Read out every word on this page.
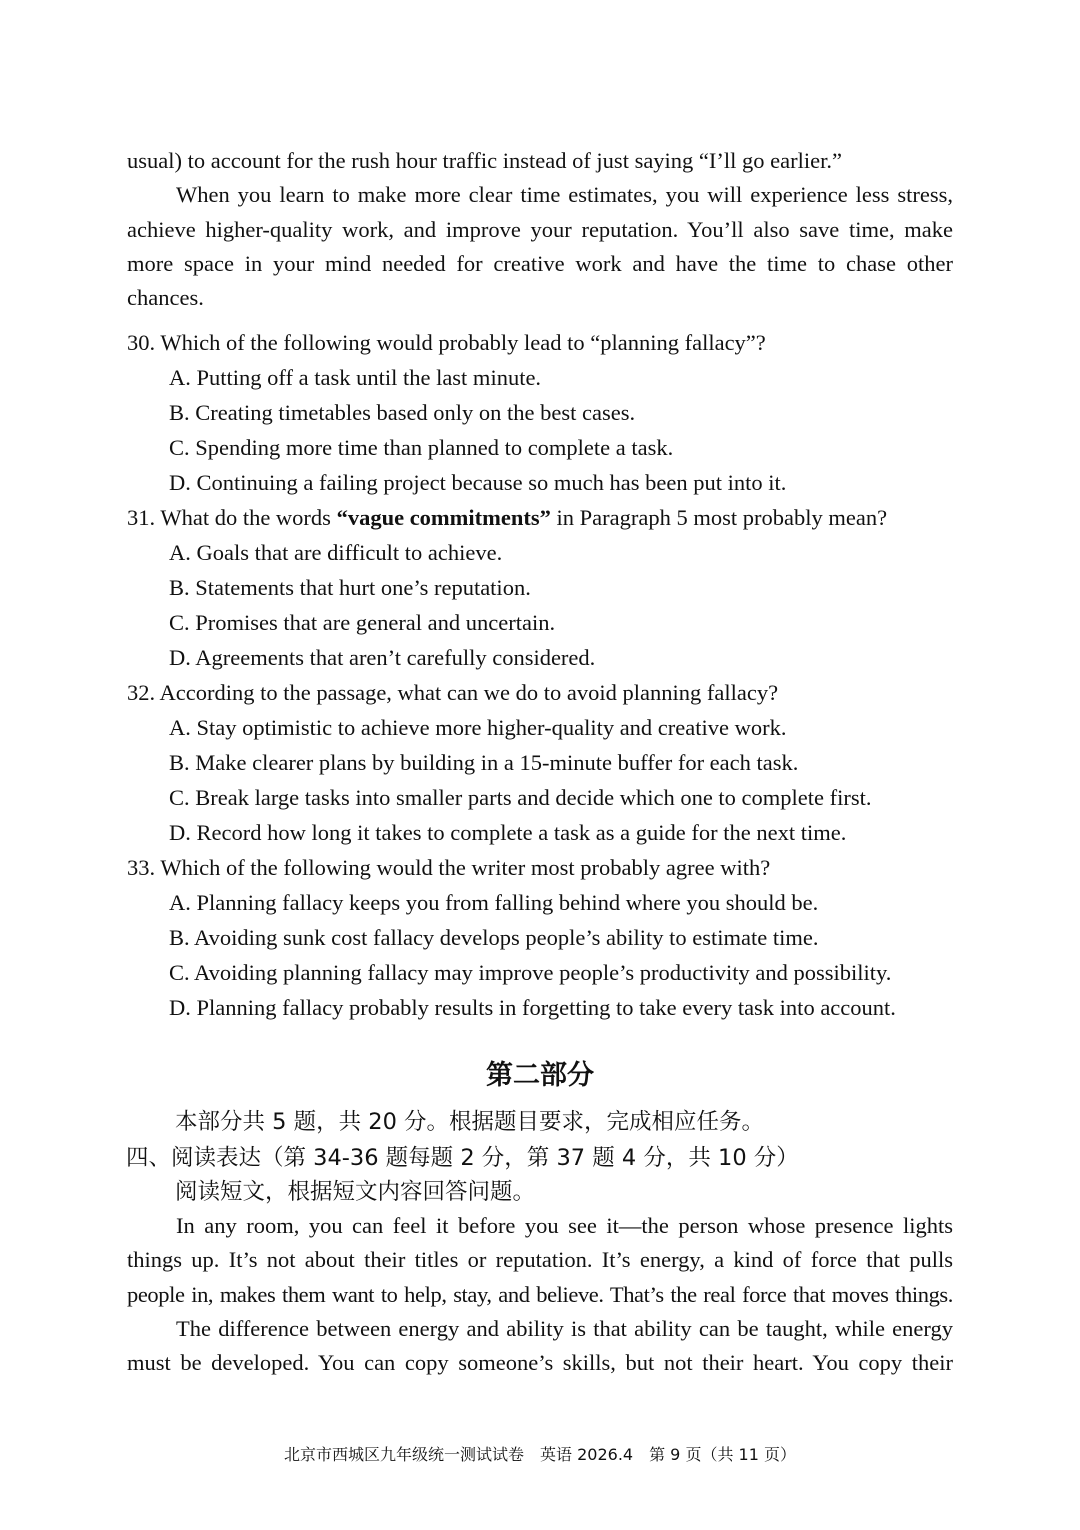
usual) to account for the rush hour traffic instead of just saying “I’ll go earlier.”
When you learn to make more clear time estimates, you will experience less stress,
achieve higher-quality work, and improve your reputation. You’ll also save time, make
more space in your mind needed for creative work and have the time to chase other
chances.
30. Which of the following would probably lead to “planning fallacy”?
A. Putting off a task until the last minute.
B. Creating timetables based only on the best cases.
C. Spending more time than planned to complete a task.
D. Continuing a failing project because so much has been put into it.
31. What do the words “vague commitments” in Paragraph 5 most probably mean?
A. Goals that are difficult to achieve.
B. Statements that hurt one’s reputation.
C. Promises that are general and uncertain.
D. Agreements that aren’t carefully considered.
32. According to the passage, what can we do to avoid planning fallacy?
A. Stay optimistic to achieve more higher-quality and creative work.
B. Make clearer plans by building in a 15-minute buffer for each task.
C. Break large tasks into smaller parts and decide which one to complete first.
D. Record how long it takes to complete a task as a guide for the next time.
33. Which of the following would the writer most probably agree with?
A. Planning fallacy keeps you from falling behind where you should be.
B. Avoiding sunk cost fallacy develops people’s ability to estimate time.
C. Avoiding planning fallacy may improve people’s productivity and possibility.
D. Planning fallacy probably results in forgetting to take every task into account.
第二部分
本部分共 5 题，共 20 分。根据题目要求，完成相应任务。
四、阅读表达（第 34-36 题每题 2 分，第 37 题 4 分，共 10 分）
阅读短文，根据短文内容回答问题。
In any room, you can feel it before you see it—the person whose presence lights
things up. It’s not about their titles or reputation. It’s energy, a kind of force that pulls
people in, makes them want to help, stay, and believe. That’s the real force that moves things.
The difference between energy and ability is that ability can be taught, while energy
must be developed. You can copy someone’s skills, but not their heart. You copy their
北京市西城区九年级统一测试试卷　英语 2026.4　第 9 页（共 11 页）
